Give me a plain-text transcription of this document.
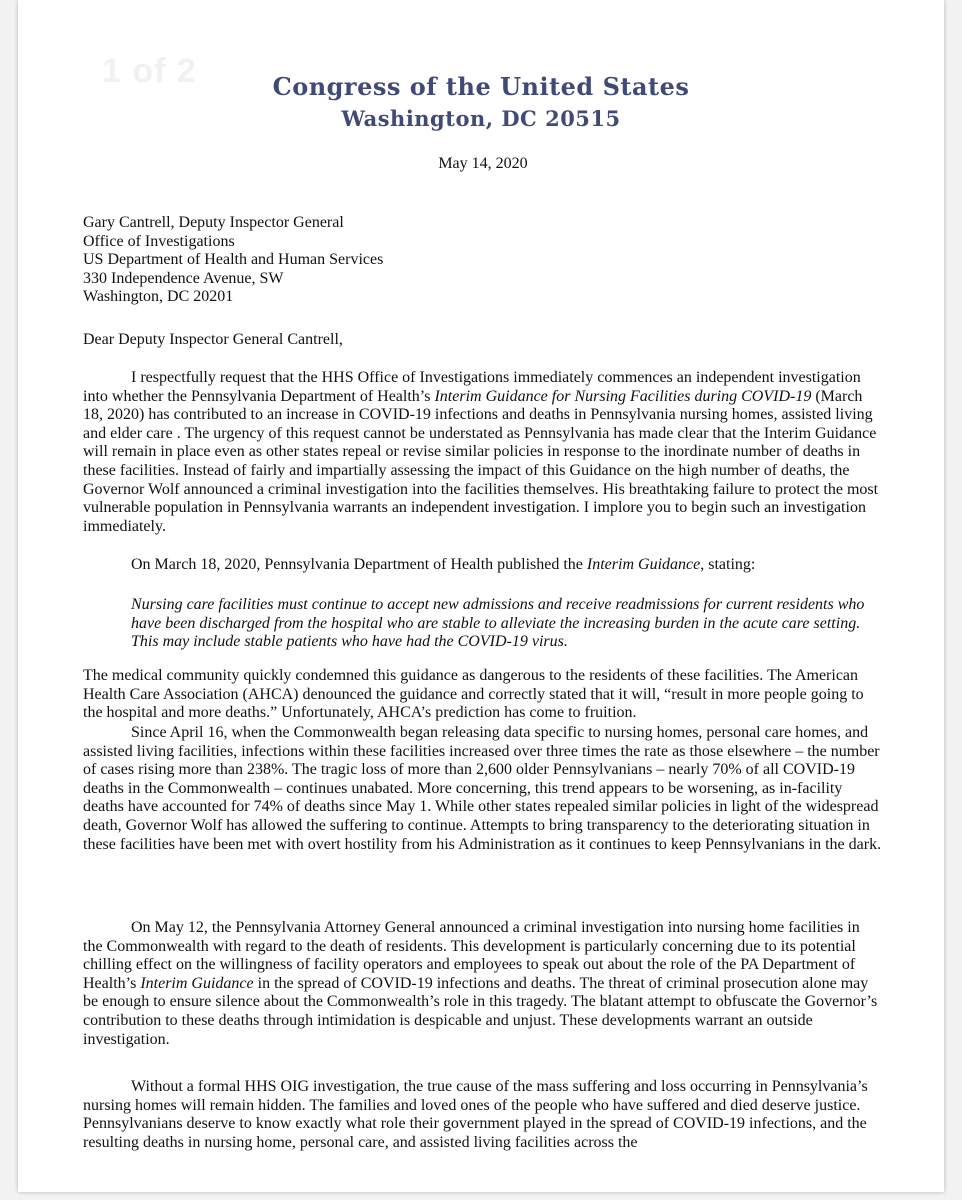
1 of 2	Congress of the United States
Washington, DC 20515
May 14, 2020
Gary Cantrell, Deputy Inspector General
Office of Investigations
US Department of Health and Human Services
330 Independence Avenue, SW
Washington, DC 20201
Dear Deputy Inspector General Cantrell,
I respectfully request that the HHS Office of Investigations immediately commences an independent investigation into whether the Pennsylvania Department of Health’s Interim Guidance for Nursing Facilities during COVID-19 (March 18, 2020) has contributed to an increase in COVID-19 infections and deaths in Pennsylvania nursing homes, assisted living and elder care . The urgency of this request cannot be understated as Pennsylvania has made clear that the Interim Guidance will remain in place even as other states repeal or revise similar policies in response to the inordinate number of deaths in these facilities. Instead of fairly and impartially assessing the impact of this Guidance on the high number of deaths, the Governor Wolf announced a criminal investigation into the facilities themselves. His breathtaking failure to protect the most vulnerable population in Pennsylvania warrants an independent investigation. I implore you to begin such an investigation immediately.
On March 18, 2020, Pennsylvania Department of Health published the Interim Guidance, stating:
Nursing care facilities must continue to accept new admissions and receive readmissions for current residents who have been discharged from the hospital who are stable to alleviate the increasing burden in the acute care setting. This may include stable patients who have had the COVID-19 virus.
The medical community quickly condemned this guidance as dangerous to the residents of these facilities. The American Health Care Association (AHCA) denounced the guidance and correctly stated that it will, “result in more people going to the hospital and more deaths.” Unfortunately, AHCA’s prediction has come to fruition.
Since April 16, when the Commonwealth began releasing data specific to nursing homes, personal care homes, and assisted living facilities, infections within these facilities increased over three times the rate as those elsewhere – the number of cases rising more than 238%. The tragic loss of more than 2,600 older Pennsylvanians – nearly 70% of all COVID-19 deaths in the Commonwealth – continues unabated. More concerning, this trend appears to be worsening, as in-facility deaths have accounted for 74% of deaths since May 1. While other states repealed similar policies in light of the widespread death, Governor Wolf has allowed the suffering to continue. Attempts to bring transparency to the deteriorating situation in these facilities have been met with overt hostility from his Administration as it continues to keep Pennsylvanians in the dark.
On May 12, the Pennsylvania Attorney General announced a criminal investigation into nursing home facilities in the Commonwealth with regard to the death of residents. This development is particularly concerning due to its potential chilling effect on the willingness of facility operators and employees to speak out about the role of the PA Department of Health’s Interim Guidance in the spread of COVID-19 infections and deaths. The threat of criminal prosecution alone may be enough to ensure silence about the Commonwealth’s role in this tragedy. The blatant attempt to obfuscate the Governor’s contribution to these deaths through intimidation is despicable and unjust. These developments warrant an outside investigation.
Without a formal HHS OIG investigation, the true cause of the mass suffering and loss occurring in Pennsylvania’s nursing homes will remain hidden. The families and loved ones of the people who have suffered and died deserve justice. Pennsylvanians deserve to know exactly what role their government played in the spread of COVID-19 infections, and the resulting deaths in nursing home, personal care, and assisted living facilities across the
